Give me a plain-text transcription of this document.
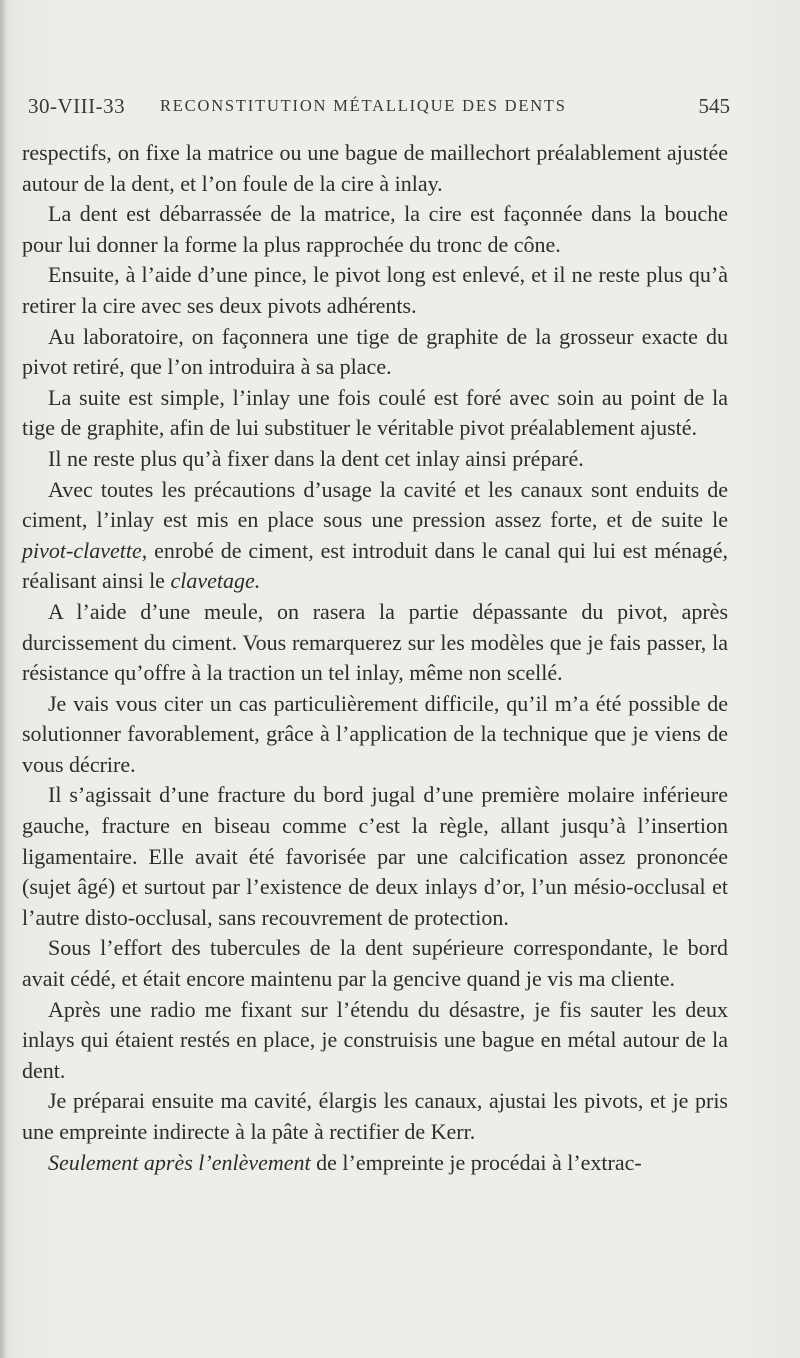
30-VIII-33 RECONSTITUTION MÉTALLIQUE DES DENTS	545

respectifs, on fixe la matrice ou une bague de maillechort préalablement ajustée autour de la dent, et l’on foule de la cire à inlay.

La dent est débarrassée de la matrice, la cire est façonnée dans la bouche pour lui donner la forme la plus rapprochée du tronc de cône.

Ensuite, à l’aide d’une pince, le pivot long est enlevé, et il ne reste plus qu’à retirer la cire avec ses deux pivots adhérents.

Au laboratoire, on façonnera une tige de graphite de la grosseur exacte du pivot retiré, que l’on introduira à sa place.

La suite est simple, l’inlay une fois coulé est foré avec soin au point de la tige de graphite, afin de lui substituer le véritable pivot préalablement ajusté.

Il ne reste plus qu’à fixer dans la dent cet inlay ainsi préparé.

Avec toutes les précautions d’usage la cavité et les canaux sont enduits de ciment, l’inlay est mis en place sous une pression assez forte, et de suite le pivot-clavette, enrobé de ciment, est introduit dans le canal qui lui est ménagé, réalisant ainsi le clavetage.

A l’aide d’une meule, on rasera la partie dépassante du pivot, après durcissement du ciment. Vous remarquerez sur les modèles que je fais passer, la résistance qu’offre à la traction un tel inlay, même non scellé.

Je vais vous citer un cas particulièrement difficile, qu’il m’a été possible de solutionner favorablement, grâce à l’application de la technique que je viens de vous décrire.

Il s’agissait d’une fracture du bord jugal d’une première molaire inférieure gauche, fracture en biseau comme c’est la règle, allant jusqu’à l’insertion ligamentaire. Elle avait été favorisée par une calcification assez prononcée (sujet âgé) et surtout par l’existence de deux inlays d’or, l’un mésio-occlusal et l’autre disto-occlusal, sans recouvrement de protection.

Sous l’effort des tubercules de la dent supérieure correspondante, le bord avait cédé, et était encore maintenu par la gencive quand je vis ma cliente.

Après une radio me fixant sur l’étendu du désastre, je fis sauter les deux inlays qui étaient restés en place, je construisis une bague en métal autour de la dent.

Je préparai ensuite ma cavité, élargis les canaux, ajustai les pivots, et je pris une empreinte indirecte à la pâte à rectifier de Kerr.

Seulement après l’enlèvement de l’empreinte je procédai à l’extrac-
